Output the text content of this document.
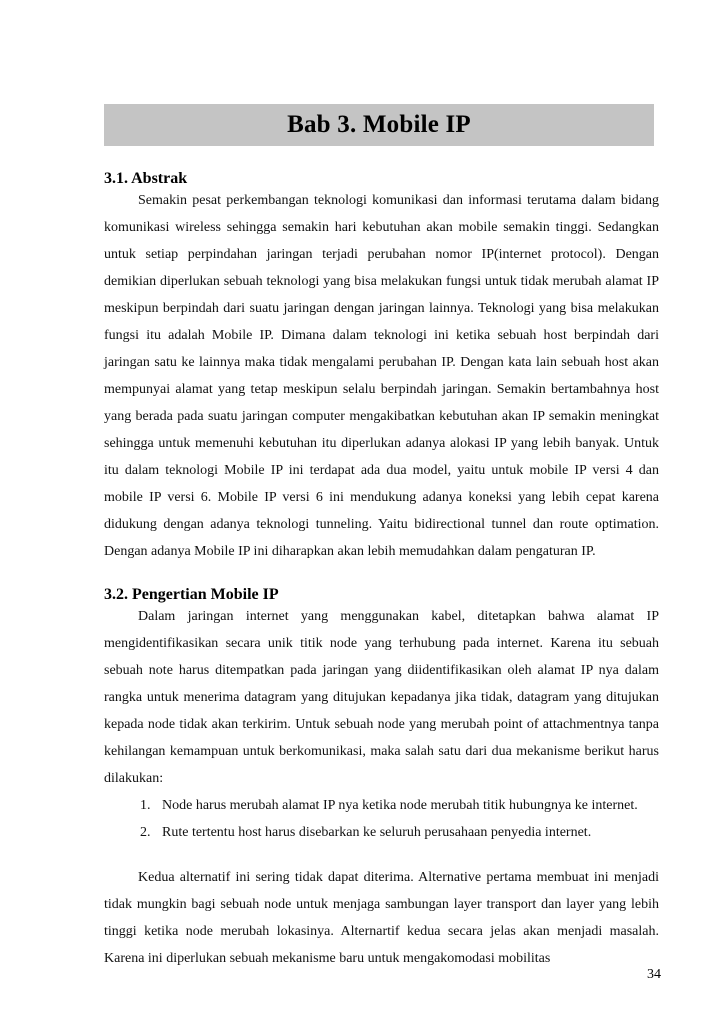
Bab 3. Mobile IP
3.1. Abstrak

Semakin pesat perkembangan teknologi komunikasi dan informasi terutama dalam bidang komunikasi wireless sehingga semakin hari kebutuhan akan mobile semakin tinggi. Sedangkan untuk setiap perpindahan jaringan terjadi perubahan nomor IP(internet protocol). Dengan demikian diperlukan sebuah teknologi yang bisa melakukan fungsi untuk tidak merubah alamat IP meskipun berpindah dari suatu jaringan dengan jaringan lainnya. Teknologi yang bisa melakukan fungsi itu adalah Mobile IP. Dimana dalam teknologi ini ketika sebuah host berpindah dari jaringan satu ke lainnya maka tidak mengalami perubahan IP. Dengan kata lain sebuah host akan mempunyai alamat yang tetap meskipun selalu berpindah jaringan. Semakin bertambahnya host yang berada pada suatu jaringan computer mengakibatkan kebutuhan akan IP semakin meningkat sehingga untuk memenuhi kebutuhan itu diperlukan adanya alokasi IP yang lebih banyak. Untuk itu dalam teknologi Mobile IP ini terdapat ada dua model, yaitu untuk mobile IP versi 4 dan mobile IP versi 6. Mobile IP versi 6 ini mendukung adanya koneksi yang lebih cepat karena didukung dengan adanya teknologi tunneling. Yaitu bidirectional tunnel dan route optimation. Dengan adanya Mobile IP ini diharapkan akan lebih memudahkan dalam pengaturan IP.

3.2. Pengertian Mobile IP

Dalam jaringan internet yang menggunakan kabel, ditetapkan bahwa alamat IP mengidentifikasikan secara unik titik node yang terhubung pada internet. Karena itu sebuah sebuah note harus ditempatkan pada jaringan yang diidentifikasikan oleh alamat IP nya dalam rangka untuk menerima datagram yang ditujukan kepadanya jika tidak, datagram yang ditujukan kepada node tidak akan terkirim. Untuk sebuah node yang merubah point of attachmentnya tanpa kehilangan kemampuan untuk berkomunikasi, maka salah satu dari dua mekanisme berikut harus dilakukan:

1. Node harus merubah alamat IP nya ketika node merubah titik hubungnya ke internet.
2. Rute tertentu host harus disebarkan ke seluruh perusahaan penyedia internet.

Kedua alternatif ini sering tidak dapat diterima. Alternative pertama membuat ini menjadi tidak mungkin bagi sebuah node untuk menjaga sambungan layer transport dan layer yang lebih tinggi ketika node merubah lokasinya. Alternartif kedua secara jelas akan menjadi masalah. Karena ini diperlukan sebuah mekanisme baru untuk mengakomodasi mobilitas

34
